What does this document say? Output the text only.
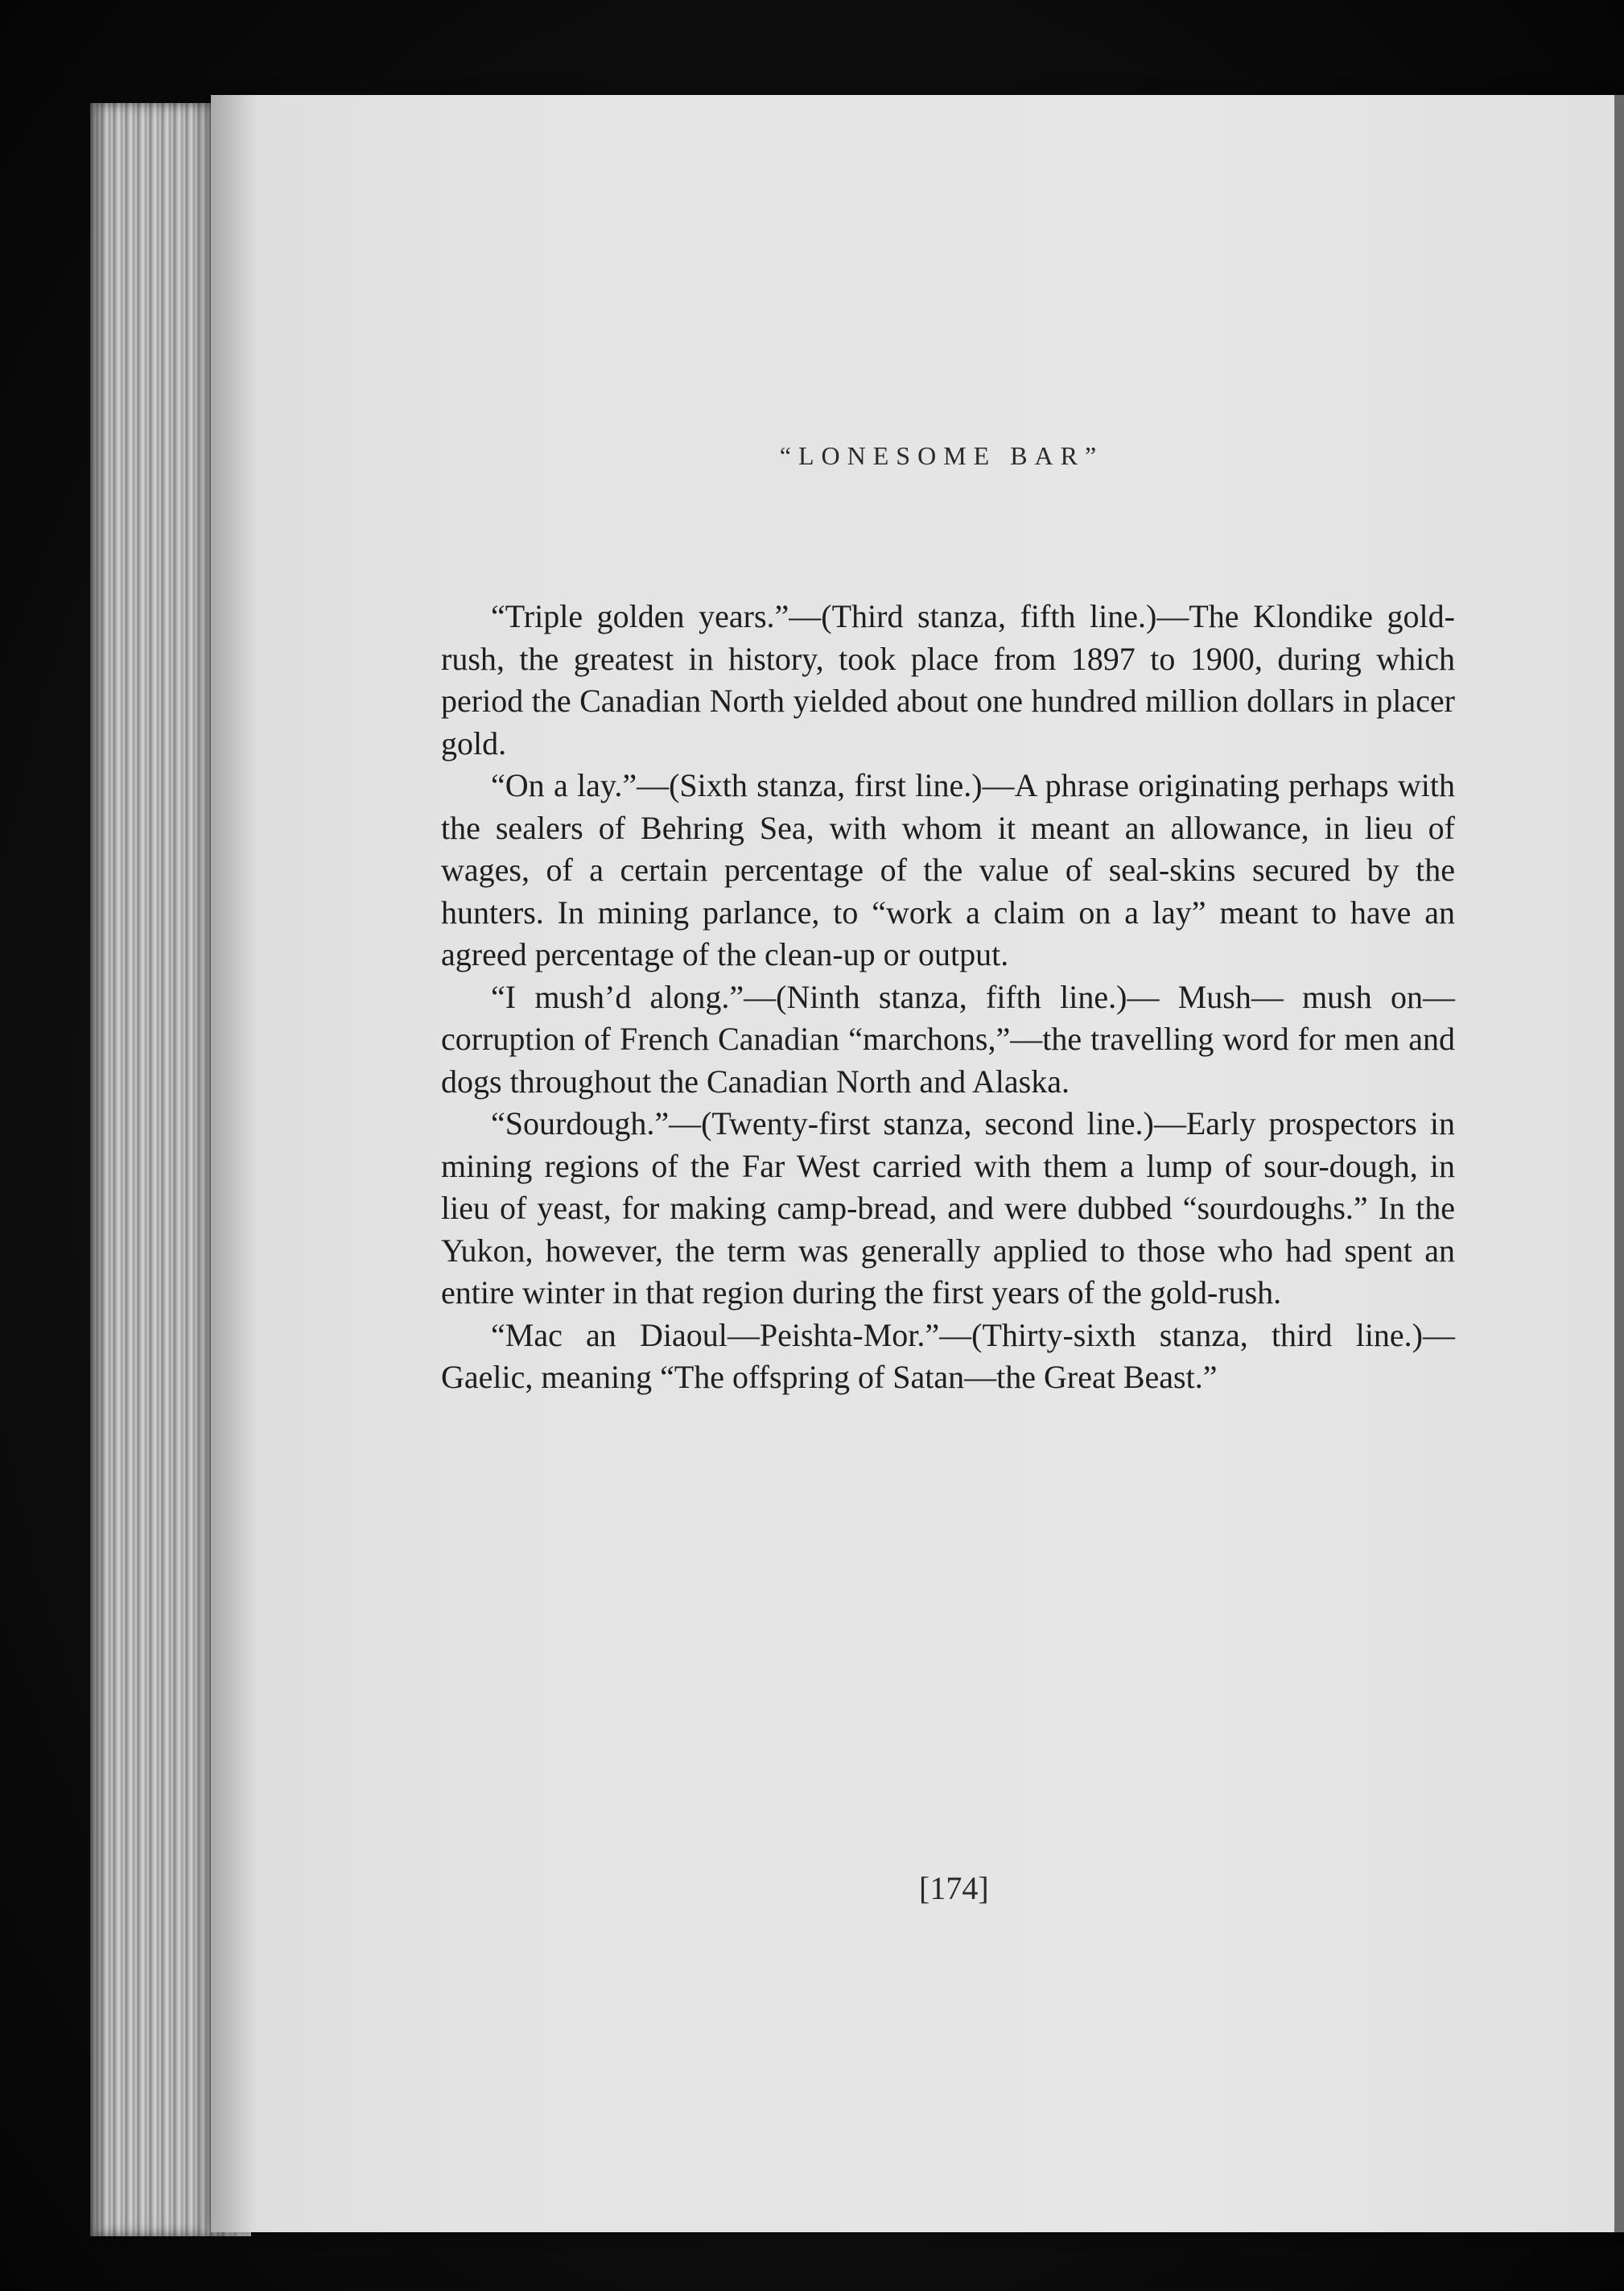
“LONESOME BAR”

“Triple golden years.”—(Third stanza, fifth line.)—The Klondike gold-rush, the greatest in history, took place from 1897 to 1900, during which period the Canadian North yielded about one hundred million dollars in placer gold.

“On a lay.”—(Sixth stanza, first line.)—A phrase originating perhaps with the sealers of Behring Sea, with whom it meant an allowance, in lieu of wages, of a certain percentage of the value of seal-skins secured by the hunters. In mining parlance, to “work a claim on a lay” meant to have an agreed percentage of the clean-up or output.

“I mush’d along.”—(Ninth stanza, fifth line.)— Mush— mush on—corruption of French Canadian “marchons,”—the travelling word for men and dogs throughout the Canadian North and Alaska.

“Sourdough.”—(Twenty-first stanza, second line.)—Early prospectors in mining regions of the Far West carried with them a lump of sour-dough, in lieu of yeast, for making camp-bread, and were dubbed “sourdoughs.” In the Yukon, however, the term was generally applied to those who had spent an entire winter in that region during the first years of the gold-rush.

“Mac an Diaoul—Peishta-Mor.”—(Thirty-sixth stanza, third line.)—Gaelic, meaning “The offspring of Satan—the Great Beast.”

[174]
